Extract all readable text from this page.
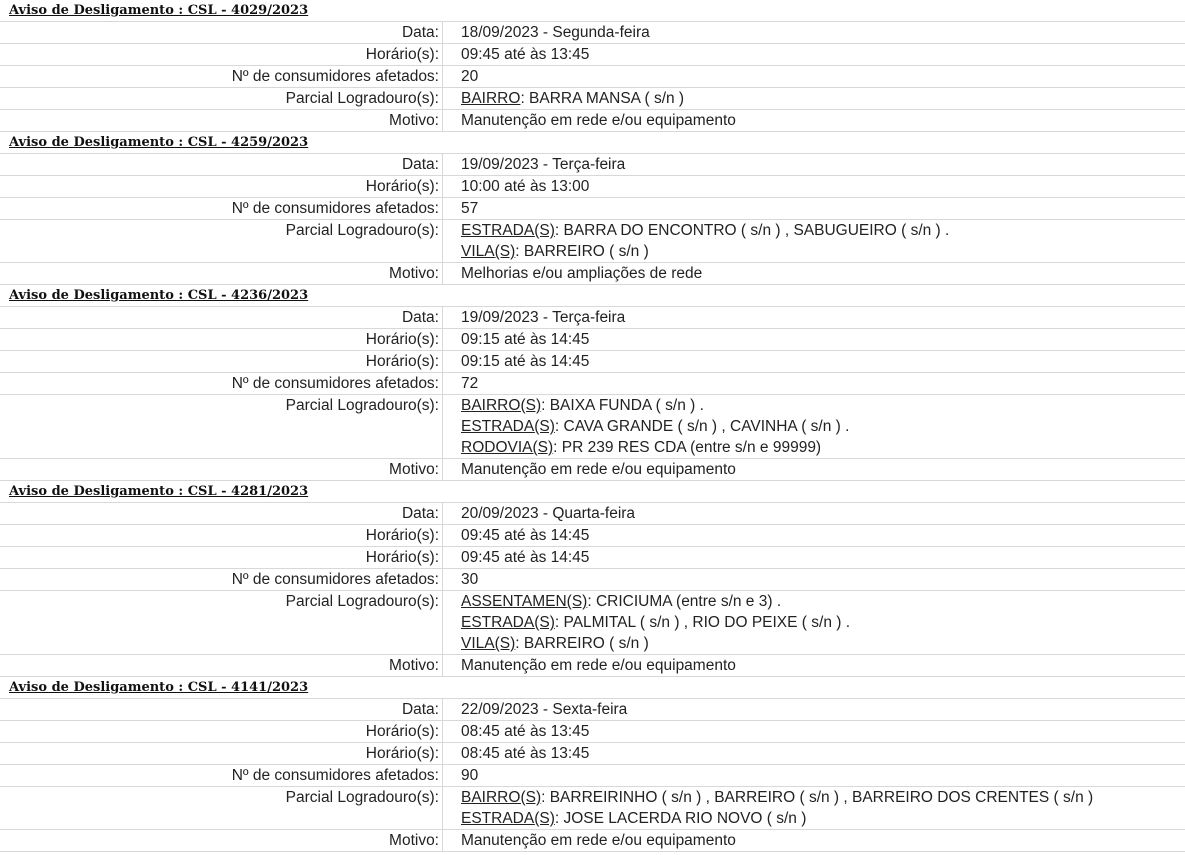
Aviso de Desligamento : CSL - 4029/2023
Data:	18/09/2023 - Segunda-feira
Horário(s):	09:45 até às 13:45
Nº de consumidores afetados:	20
Parcial Logradouro(s): BAIRRO: BARRA MANSA ( s/n )
Motivo:	Manutenção em rede e/ou equipamento
Aviso de Desligamento : CSL - 4259/2023
Data:	19/09/2023 - Terça-feira
Horário(s):	10:00 até às 13:00
Nº de consumidores afetados:	57
Parcial Logradouro(s): ESTRADA(S): BARRA DO ENCONTRO ( s/n ) , SABUGUEIRO ( s/n ) .
VILA(S): BARREIRO ( s/n )
Motivo:	Melhorias e/ou ampliações de rede
Aviso de Desligamento : CSL - 4236/2023
Data:	19/09/2023 - Terça-feira
Horário(s):	09:15 até às 14:45
Horário(s):	09:15 até às 14:45
Nº de consumidores afetados:	72
Parcial Logradouro(s): BAIRRO(S): BAIXA FUNDA ( s/n ) .
ESTRADA(S): CAVA GRANDE ( s/n ) , CAVINHA ( s/n ) .
RODOVIA(S): PR 239 RES CDA (entre s/n e 99999)
Motivo:	Manutenção em rede e/ou equipamento
Aviso de Desligamento : CSL - 4281/2023
Data:	20/09/2023 - Quarta-feira
Horário(s):	09:45 até às 14:45
Horário(s):	09:45 até às 14:45
Nº de consumidores afetados:	30
Parcial Logradouro(s): ASSENTAMEN(S): CRICIUMA (entre s/n e 3) .
ESTRADA(S): PALMITAL ( s/n ) , RIO DO PEIXE ( s/n ) .
VILA(S): BARREIRO ( s/n )
Motivo:	Manutenção em rede e/ou equipamento
Aviso de Desligamento : CSL - 4141/2023
Data:	22/09/2023 - Sexta-feira
Horário(s):	08:45 até às 13:45
Horário(s):	08:45 até às 13:45
Nº de consumidores afetados:	90
Parcial Logradouro(s): BAIRRO(S): BARREIRINHO ( s/n ) , BARREIRO ( s/n ) , BARREIRO DOS CRENTES ( s/n )
ESTRADA(S): JOSE LACERDA RIO NOVO ( s/n )
Motivo:	Manutenção em rede e/ou equipamento
